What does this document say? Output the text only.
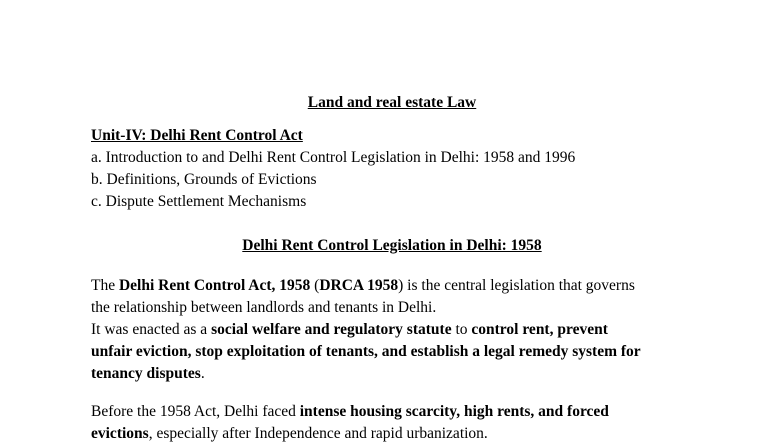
Land and real estate Law
Unit-IV: Delhi Rent Control Act
a. Introduction to and Delhi Rent Control Legislation in Delhi: 1958 and 1996
b. Definitions, Grounds of Evictions
c. Dispute Settlement Mechanisms
Delhi Rent Control Legislation in Delhi: 1958
The Delhi Rent Control Act, 1958 (DRCA 1958) is the central legislation that governs
the relationship between landlords and tenants in Delhi.
It was enacted as a social welfare and regulatory statute to control rent, prevent
unfair eviction, stop exploitation of tenants, and establish a legal remedy system for
tenancy disputes.
Before the 1958 Act, Delhi faced intense housing scarcity, high rents, and forced
evictions, especially after Independence and rapid urbanization.
